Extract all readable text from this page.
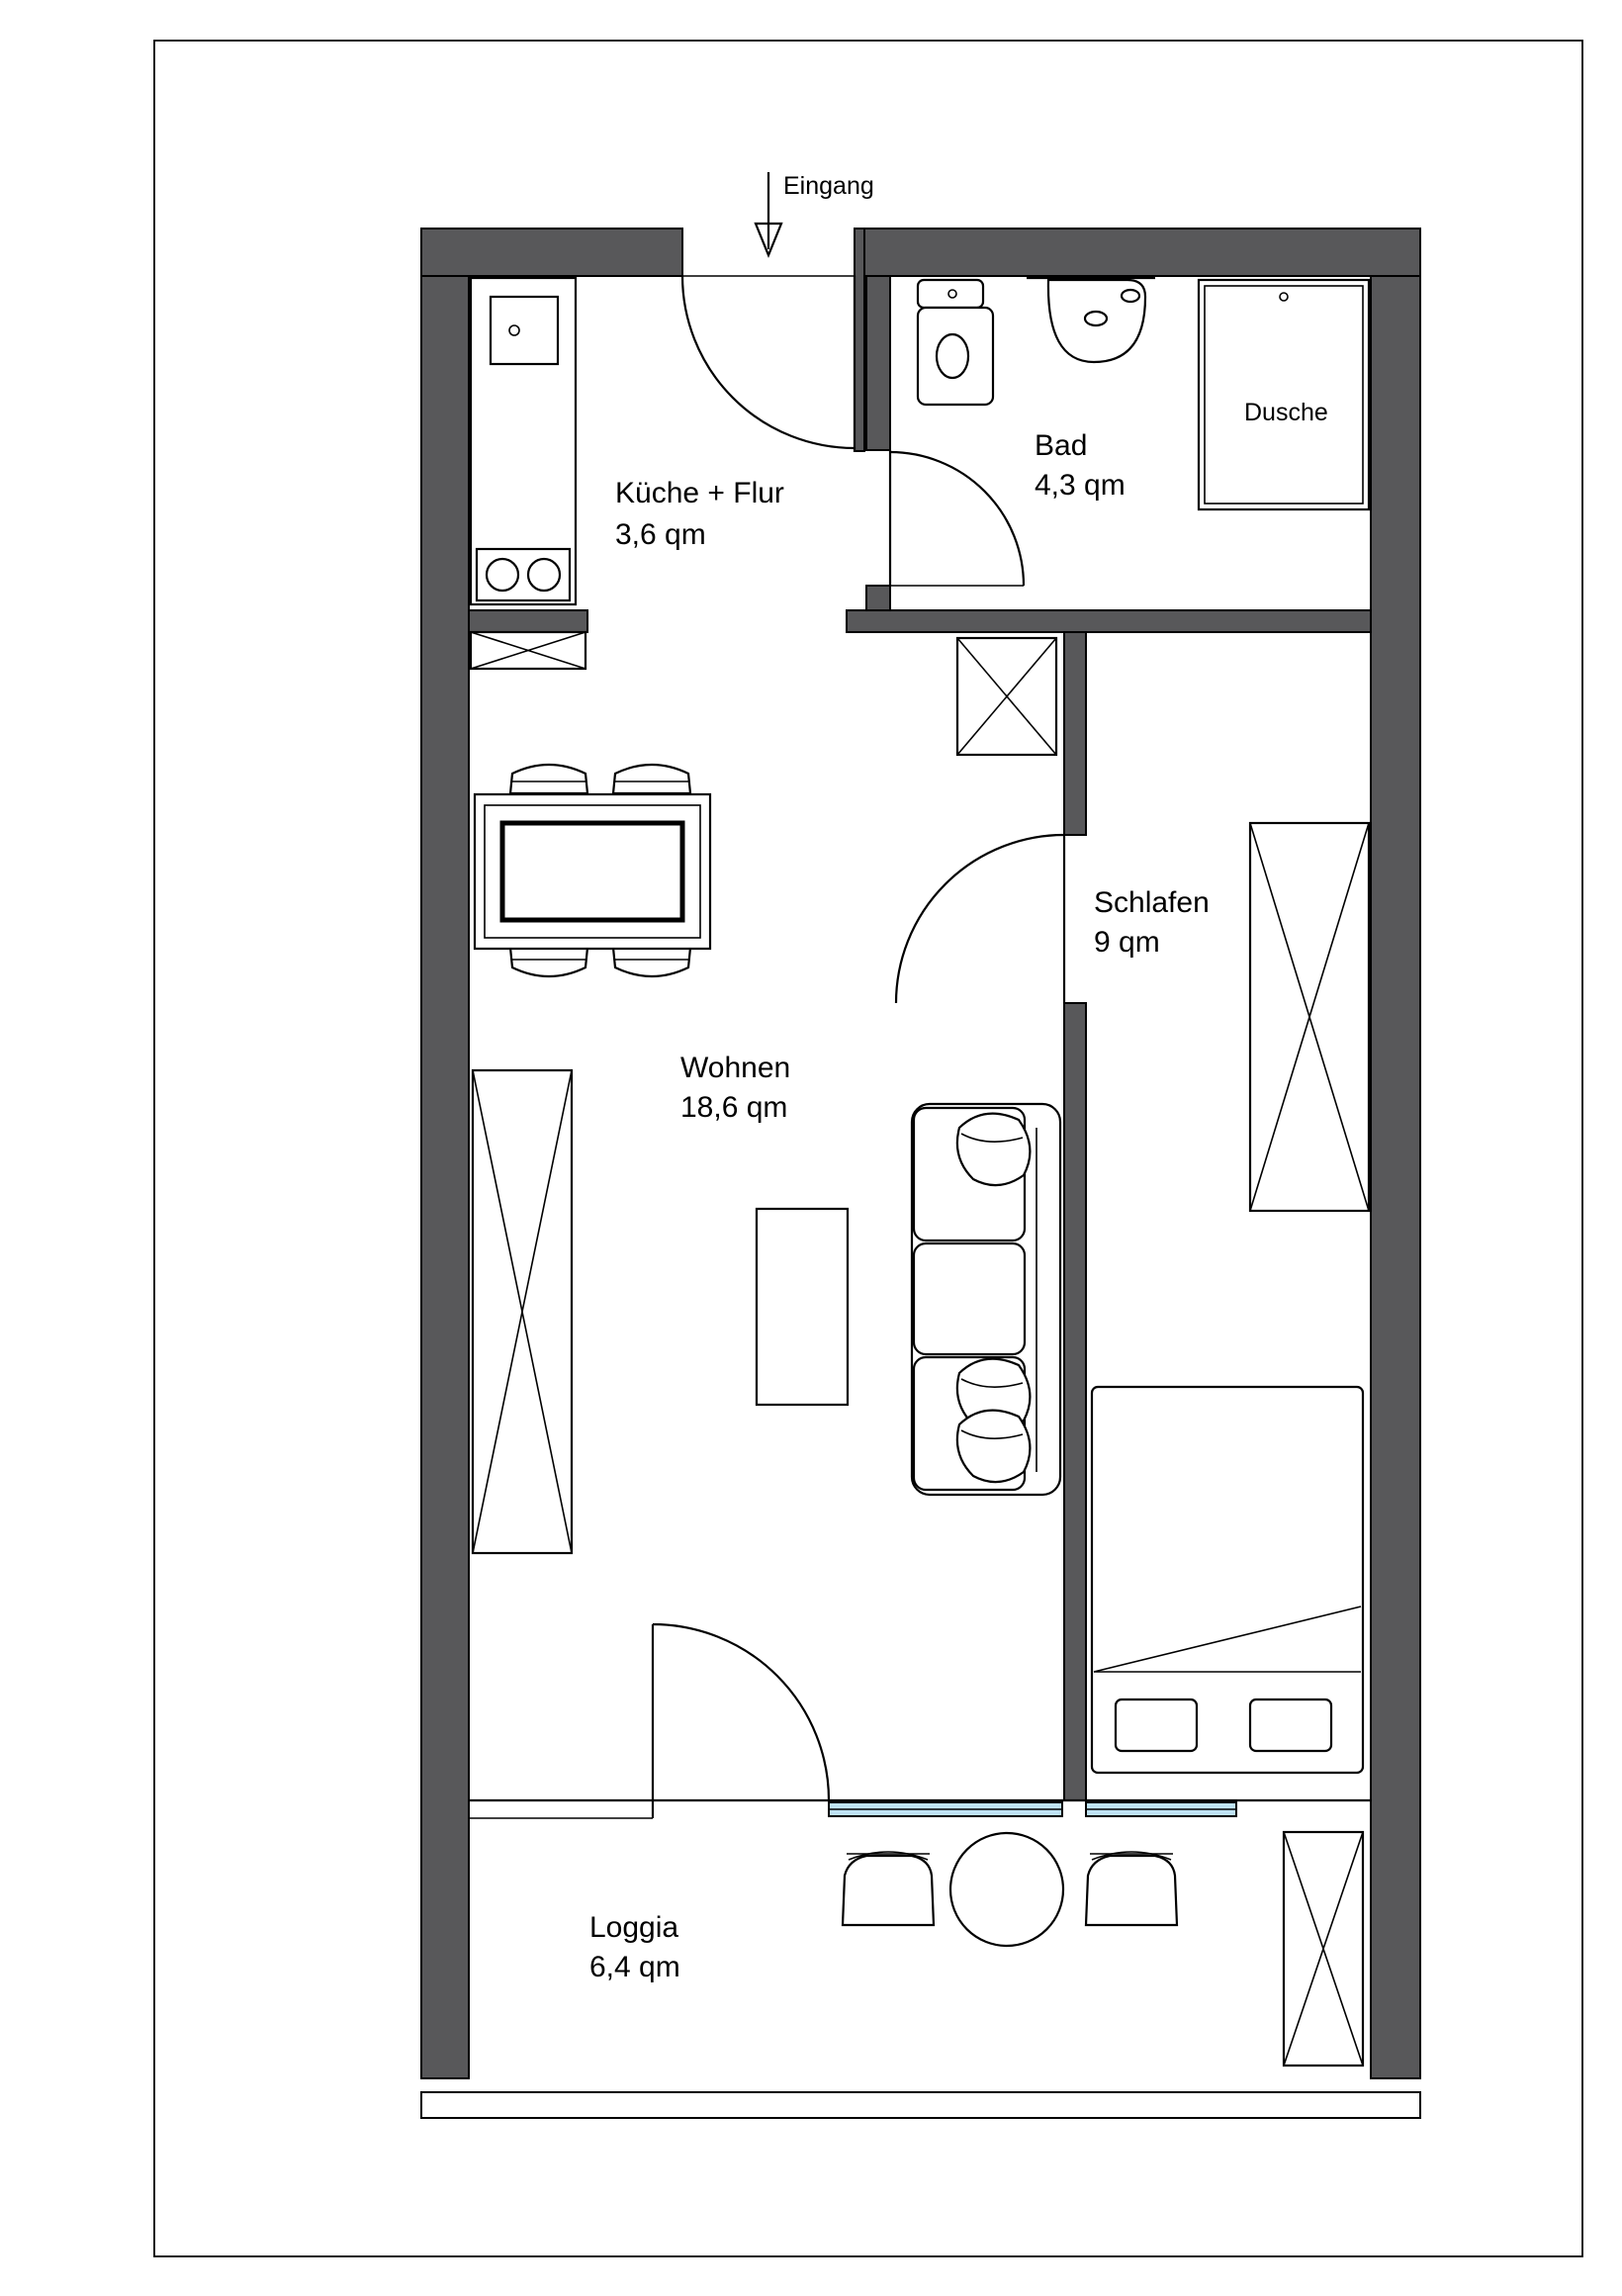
Eingang
Küche + Flur
3,6 qm
Bad
4,3 qm
Dusche
Schlafen
9 qm
Wohnen
18,6 qm
Loggia
6,4 qm
